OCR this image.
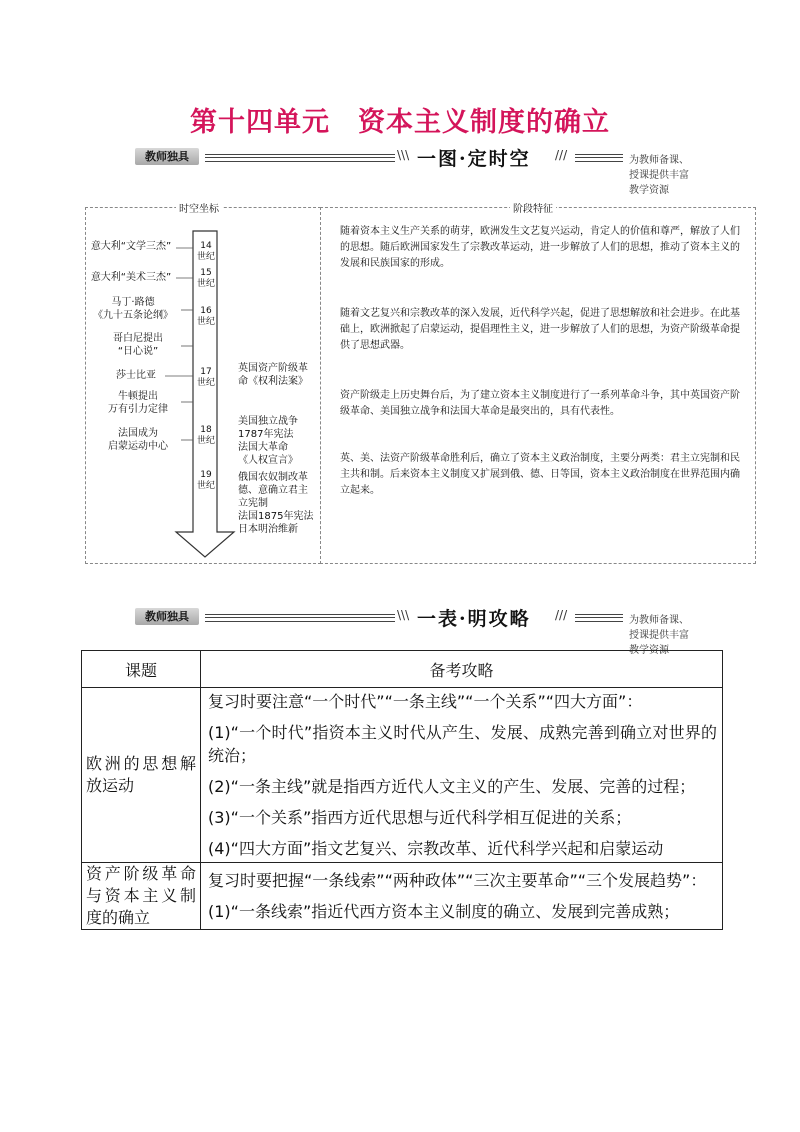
第十四单元　资本主义制度的确立
教师独具	\\\ 一图·定时空 ///	为教师备课、授课提供丰富教学资源
时空坐标	阶段特征
意大利“文学三杰”
意大利“美术三杰”
马丁·路德
《九十五条论纲》
哥白尼提出
“日心说”
莎士比亚
牛顿提出
万有引力定律
法国成为
启蒙运动中心
14
世纪
15
世纪
16
世纪
17
世纪
18
世纪
19
世纪
英国资产阶级革
命《权利法案》
美国独立战争
1787年宪法
法国大革命
《人权宣言》
俄国农奴制改革
德、意确立君主
立宪制
法国1875年宪法
日本明治维新
随着资本主义生产关系的萌芽，欧洲发生文艺复兴运动，肯定人的价值和尊严，解放了人们的思想。随后欧洲国家发生了宗教改革运动，进一步解放了人们的思想，推动了资本主义的发展和民族国家的形成。
随着文艺复兴和宗教改革的深入发展，近代科学兴起，促进了思想解放和社会进步。在此基础上，欧洲掀起了启蒙运动，提倡理性主义，进一步解放了人们的思想，为资产阶级革命提供了思想武器。
资产阶级走上历史舞台后，为了建立资本主义制度进行了一系列革命斗争，其中英国资产阶级革命、美国独立战争和法国大革命是最突出的，具有代表性。
英、美、法资产阶级革命胜利后，确立了资本主义政治制度，主要分两类：君主立宪制和民主共和制。后来资本主义制度又扩展到俄、德、日等国，资本主义政治制度在世界范围内确立起来。
教师独具	\\\ 一表·明攻略 ///	为教师备课、授课提供丰富教学资源
课题	备考攻略
欧洲的思想解放运动	复习时要注意“一个时代”“一条主线”“一个关系”“四大方面”：

(1)“一个时代”指资本主义时代从产生、发展、成熟完善到确立对世界的统治；

(2)“一条主线”就是指西方近代人文主义的产生、发展、完善的过程；

(3)“一个关系”指西方近代思想与近代科学相互促进的关系；

(4)“四大方面”指文艺复兴、宗教改革、近代科学兴起和启蒙运动

资产阶级革命与资本主义制度的确立	复习时要把握“一条线索”“两种政体”“三次主要革命”“三个发展趋势”：

(1)“一条线索”指近代西方资本主义制度的确立、发展到完善成熟；
